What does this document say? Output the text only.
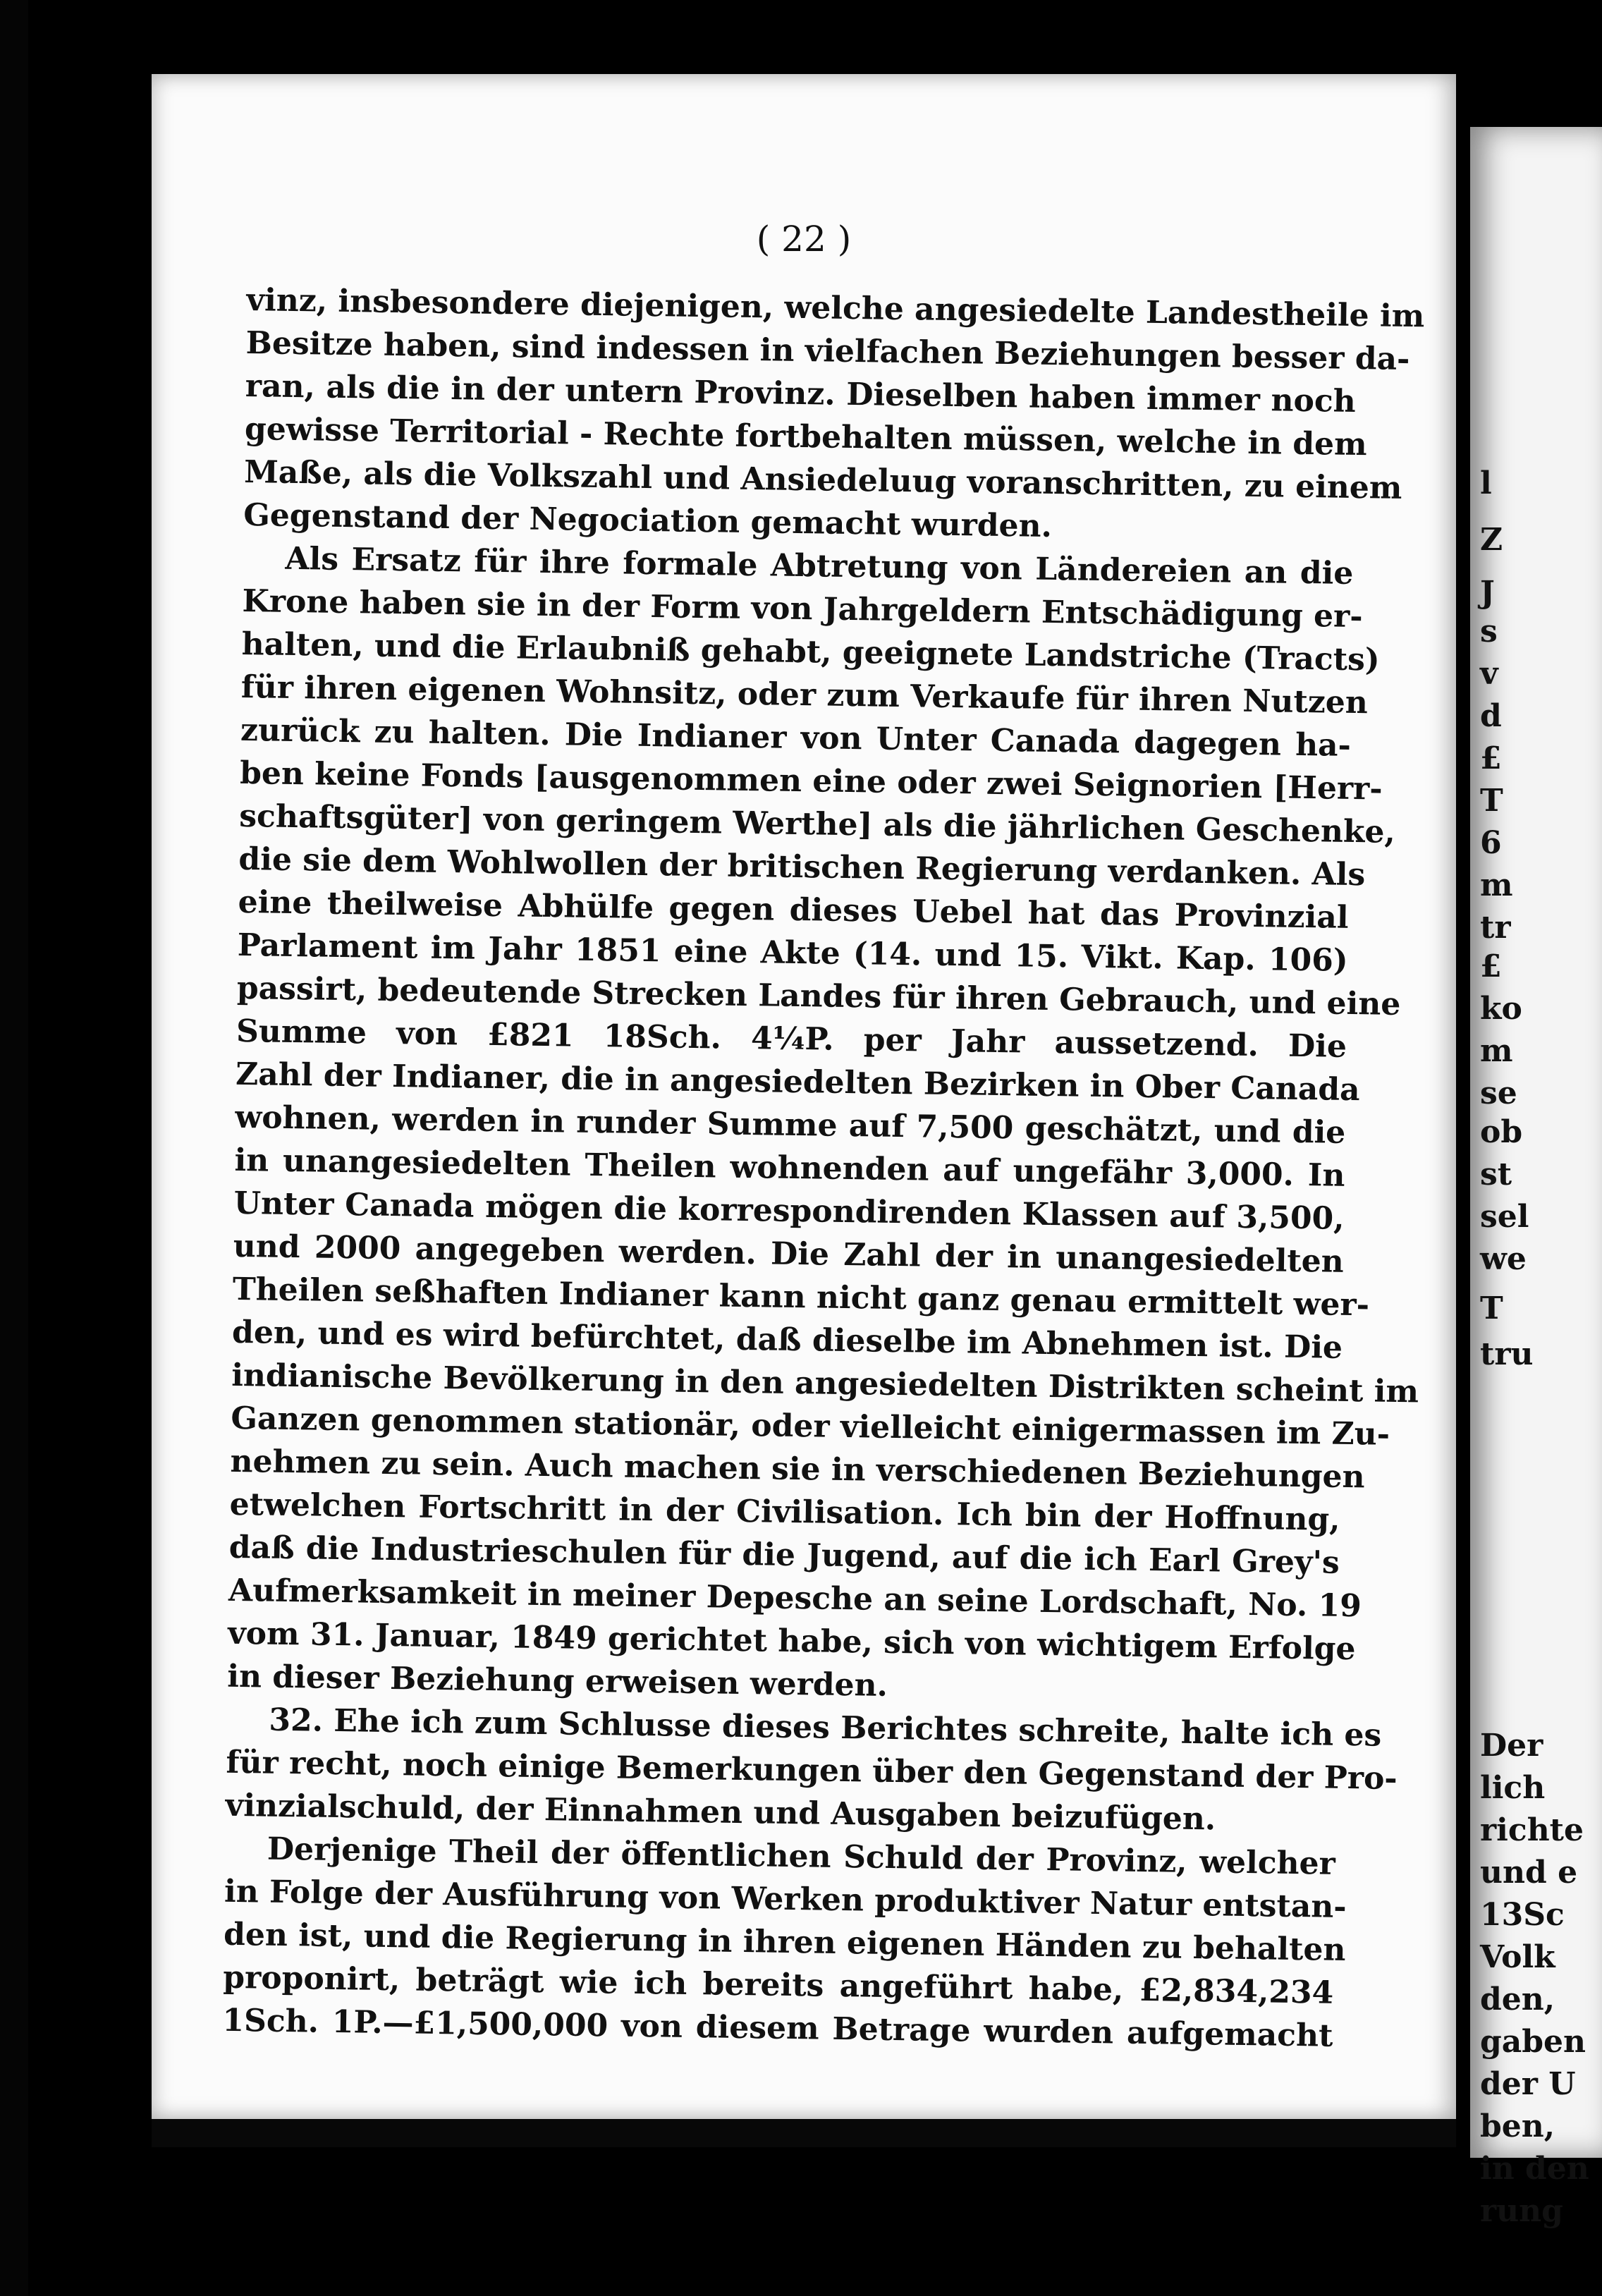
( 22 )
vinz, insbesondere diejenigen, welche angesiedelte Landestheile im
Besitze haben, sind indessen in vielfachen Beziehungen besser da-
ran, als die in der untern Provinz. Dieselben haben immer noch
gewisse Territorial - Rechte fortbehalten müssen, welche in dem
Maße, als die Volkszahl und Ansiedeluug voranschritten, zu einem
Gegenstand der Negociation gemacht wurden.
Als Ersatz für ihre formale Abtretung von Ländereien an die
Krone haben sie in der Form von Jahrgeldern Entschädigung er-
halten, und die Erlaubniß gehabt, geeignete Landstriche (Tracts)
für ihren eigenen Wohnsitz, oder zum Verkaufe für ihren Nutzen
zurück zu halten. Die Indianer von Unter Canada dagegen ha-
ben keine Fonds [ausgenommen eine oder zwei Seignorien [Herr-
schaftsgüter] von geringem Werthe] als die jährlichen Geschenke,
die sie dem Wohlwollen der britischen Regierung verdanken. Als
eine theilweise Abhülfe gegen dieses Uebel hat das Provinzial
Parlament im Jahr 1851 eine Akte (14. und 15. Vikt. Kap. 106)
passirt, bedeutende Strecken Landes für ihren Gebrauch, und eine
Summe von £821 18Sch. 4¼P. per Jahr aussetzend. Die
Zahl der Indianer, die in angesiedelten Bezirken in Ober Canada
wohnen, werden in runder Summe auf 7,500 geschätzt, und die
in unangesiedelten Theilen wohnenden auf ungefähr 3,000. In
Unter Canada mögen die korrespondirenden Klassen auf 3,500,
und 2000 angegeben werden. Die Zahl der in unangesiedelten
Theilen seßhaften Indianer kann nicht ganz genau ermittelt wer-
den, und es wird befürchtet, daß dieselbe im Abnehmen ist. Die
indianische Bevölkerung in den angesiedelten Distrikten scheint im
Ganzen genommen stationär, oder vielleicht einigermassen im Zu-
nehmen zu sein. Auch machen sie in verschiedenen Beziehungen
etwelchen Fortschritt in der Civilisation. Ich bin der Hoffnung,
daß die Industrieschulen für die Jugend, auf die ich Earl Grey's
Aufmerksamkeit in meiner Depesche an seine Lordschaft, No. 19
vom 31. Januar, 1849 gerichtet habe, sich von wichtigem Erfolge
in dieser Beziehung erweisen werden.
32. Ehe ich zum Schlusse dieses Berichtes schreite, halte ich es
für recht, noch einige Bemerkungen über den Gegenstand der Pro-
vinzialschuld, der Einnahmen und Ausgaben beizufügen.
Derjenige Theil der öffentlichen Schuld der Provinz, welcher
in Folge der Ausführung von Werken produktiver Natur entstan-
den ist, und die Regierung in ihren eigenen Händen zu behalten
proponirt, beträgt wie ich bereits angeführt habe, £2,834,234
1Sch. 1P.—£1,500,000 von diesem Betrage wurden aufgemacht
l
Z
J
s
v
d
£
T
6
m
tr
£
ko
m
se
ob
st
sel
we
T
tru
Der
lich
richte
und e
13Sc
Volk
den,
gaben
der U
ben,
in den
rung
